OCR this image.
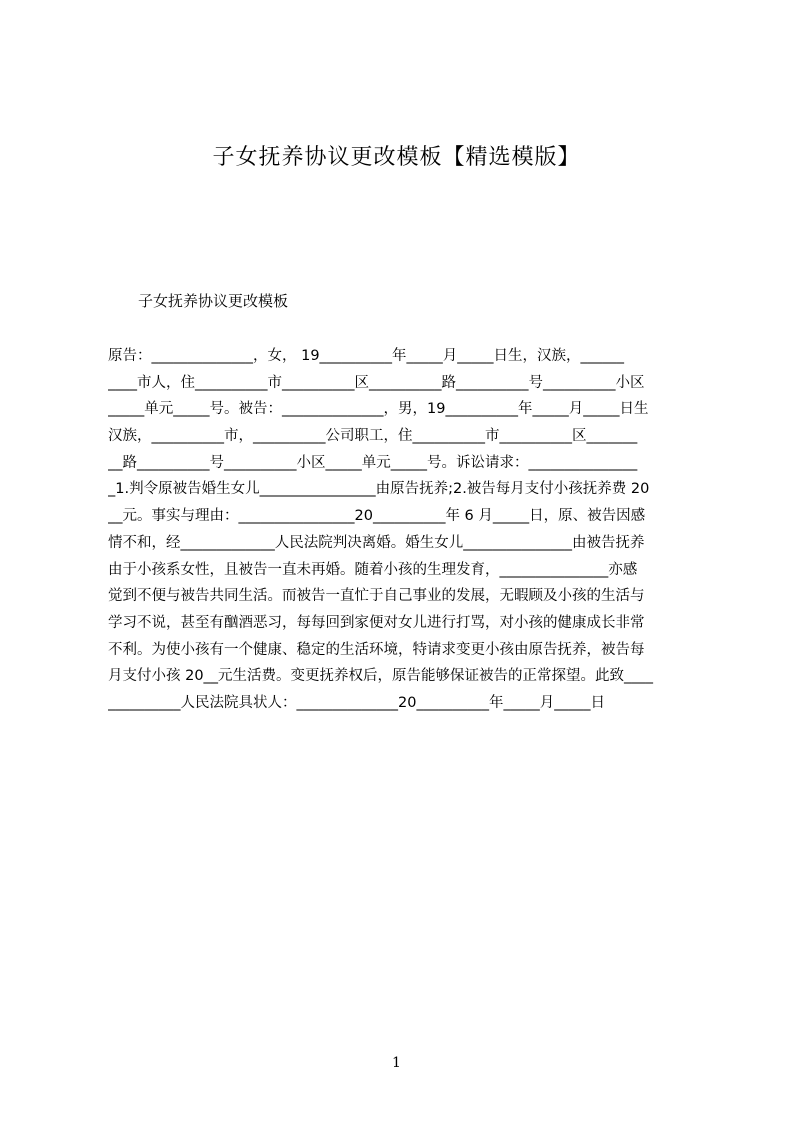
子女抚养协议更改模板【精选模版】
子女抚养协议更改模板
原告：______________，女， 19__________年_____月_____日生，汉族，______
____市人，住__________市__________区__________路__________号__________小区
_____单元_____号。被告：______________，男，19__________年_____月_____日生
汉族，__________市，__________公司职工，住__________市__________区_______
__路__________号__________小区_____单元_____号。诉讼请求：_______________
_1.判令原被告婚生女儿________________由原告抚养;2.被告每月支付小孩抚养费 20
__元。事实与理由：________________20__________年 6 月_____日，原、被告因感
情不和，经_____________人民法院判决离婚。婚生女儿_______________由被告抚养
由于小孩系女性，且被告一直未再婚。随着小孩的生理发育，_______________亦感
觉到不便与被告共同生活。而被告一直忙于自己事业的发展，无暇顾及小孩的生活与
学习不说，甚至有酗酒恶习，每每回到家便对女儿进行打骂，对小孩的健康成长非常
不利。为使小孩有一个健康、稳定的生活环境，特请求变更小孩由原告抚养，被告每
月支付小孩 20__元生活费。变更抚养权后，原告能够保证被告的正常探望。此致____
__________人民法院具状人：______________20__________年_____月_____日
1
